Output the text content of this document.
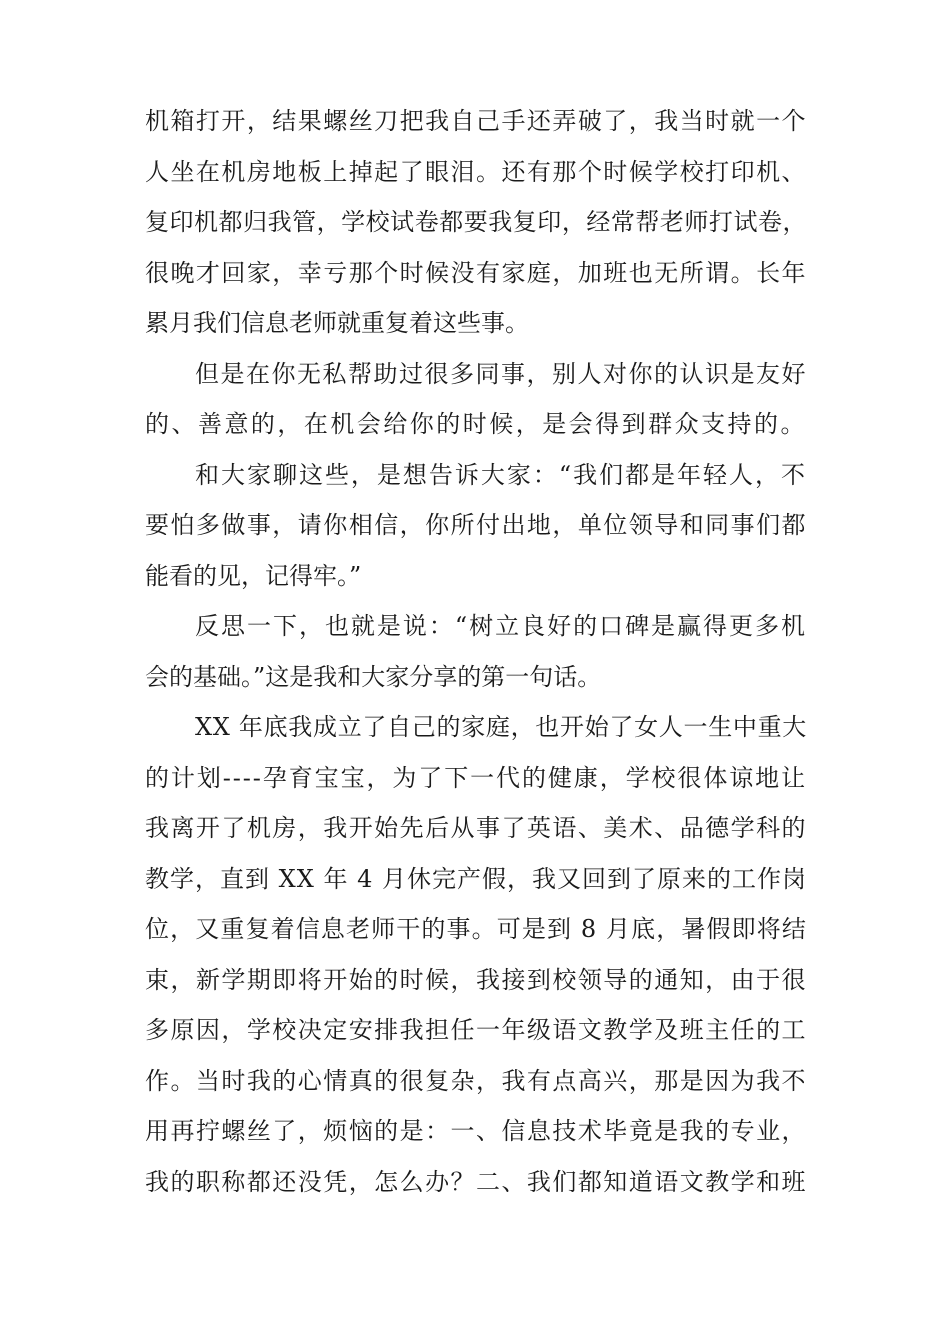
机箱打开，结果螺丝刀把我自己手还弄破了，我当时就一个
人坐在机房地板上掉起了眼泪。还有那个时候学校打印机、
复印机都归我管，学校试卷都要我复印，经常帮老师打试卷，
很晚才回家，幸亏那个时候没有家庭，加班也无所谓。长年
累月我们信息老师就重复着这些事。
但是在你无私帮助过很多同事，别人对你的认识是友好
的、善意的，在机会给你的时候，是会得到群众支持的。
和大家聊这些，是想告诉大家：“我们都是年轻人，不
要怕多做事，请你相信，你所付出地，单位领导和同事们都
能看的见，记得牢。”
反思一下，也就是说：“树立良好的口碑是赢得更多机
会的基础。”这是我和大家分享的第一句话。
XX 年底我成立了自己的家庭，也开始了女人一生中重大
的计划----孕育宝宝，为了下一代的健康，学校很体谅地让
我离开了机房，我开始先后从事了英语、美术、品德学科的
教学，直到 XX 年 4 月休完产假，我又回到了原来的工作岗
位，又重复着信息老师干的事。可是到 8 月底，暑假即将结
束，新学期即将开始的时候，我接到校领导的通知，由于很
多原因，学校决定安排我担任一年级语文教学及班主任的工
作。当时我的心情真的很复杂，我有点高兴，那是因为我不
用再拧螺丝了，烦恼的是：一、信息技术毕竟是我的专业，
我的职称都还没凭，怎么办？二、我们都知道语文教学和班
